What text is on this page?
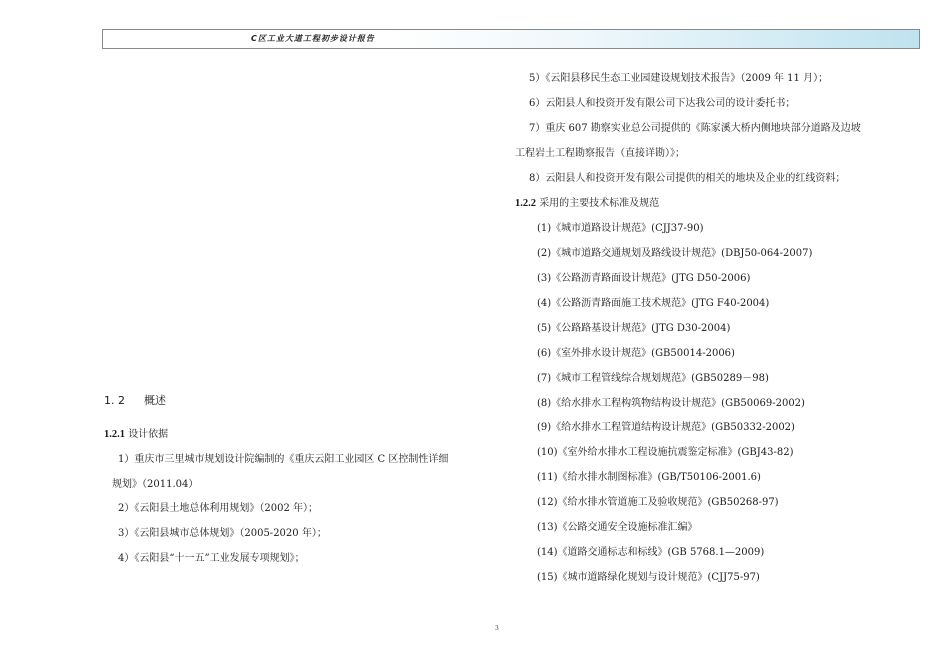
C区工业大道工程初步设计报告
1. 2 概述
1.2.1 设计依据
1）重庆市三里城市规划设计院编制的《重庆云阳工业园区 C 区控制性详细
规划》（2011.04）
2）《云阳县土地总体利用规划》（2002 年）；
3）《云阳县城市总体规划》（2005-2020 年）；
4）《云阳县“十一五”工业发展专项规划》；
5）《云阳县移民生态工业园建设规划技术报告》（2009 年 11 月）；
6）云阳县人和投资开发有限公司下达我公司的设计委托书；
7）重庆 607 勘察实业总公司提供的《陈家溪大桥内侧地块部分道路及边坡
工程岩土工程勘察报告（直接详勘）》；
8）云阳县人和投资开发有限公司提供的相关的地块及企业的红线资料；
1.2.2 采用的主要技术标准及规范
(1)《城市道路设计规范》(CJJ37-90)
(2)《城市道路交通规划及路线设计规范》(DBJ50-064-2007)
(3)《公路沥青路面设计规范》(JTG D50-2006)
(4)《公路沥青路面施工技术规范》(JTG F40-2004)
(5)《公路路基设计规范》(JTG D30-2004)
(6)《室外排水设计规范》(GB50014-2006)
(7)《城市工程管线综合规划规范》(GB50289－98)
(8)《给水排水工程构筑物结构设计规范》(GB50069-2002)
(9)《给水排水工程管道结构设计规范》(GB50332-2002)
(10)《室外给水排水工程设施抗震鉴定标准》(GBJ43-82)
(11)《给水排水制图标准》(GB/T50106-2001.6)
(12)《给水排水管道施工及验收规范》(GB50268-97)
(13)《公路交通安全设施标准汇编》
(14)《道路交通标志和标线》(GB 5768.1—2009)
(15)《城市道路绿化规划与设计规范》(CJJ75-97)
3
